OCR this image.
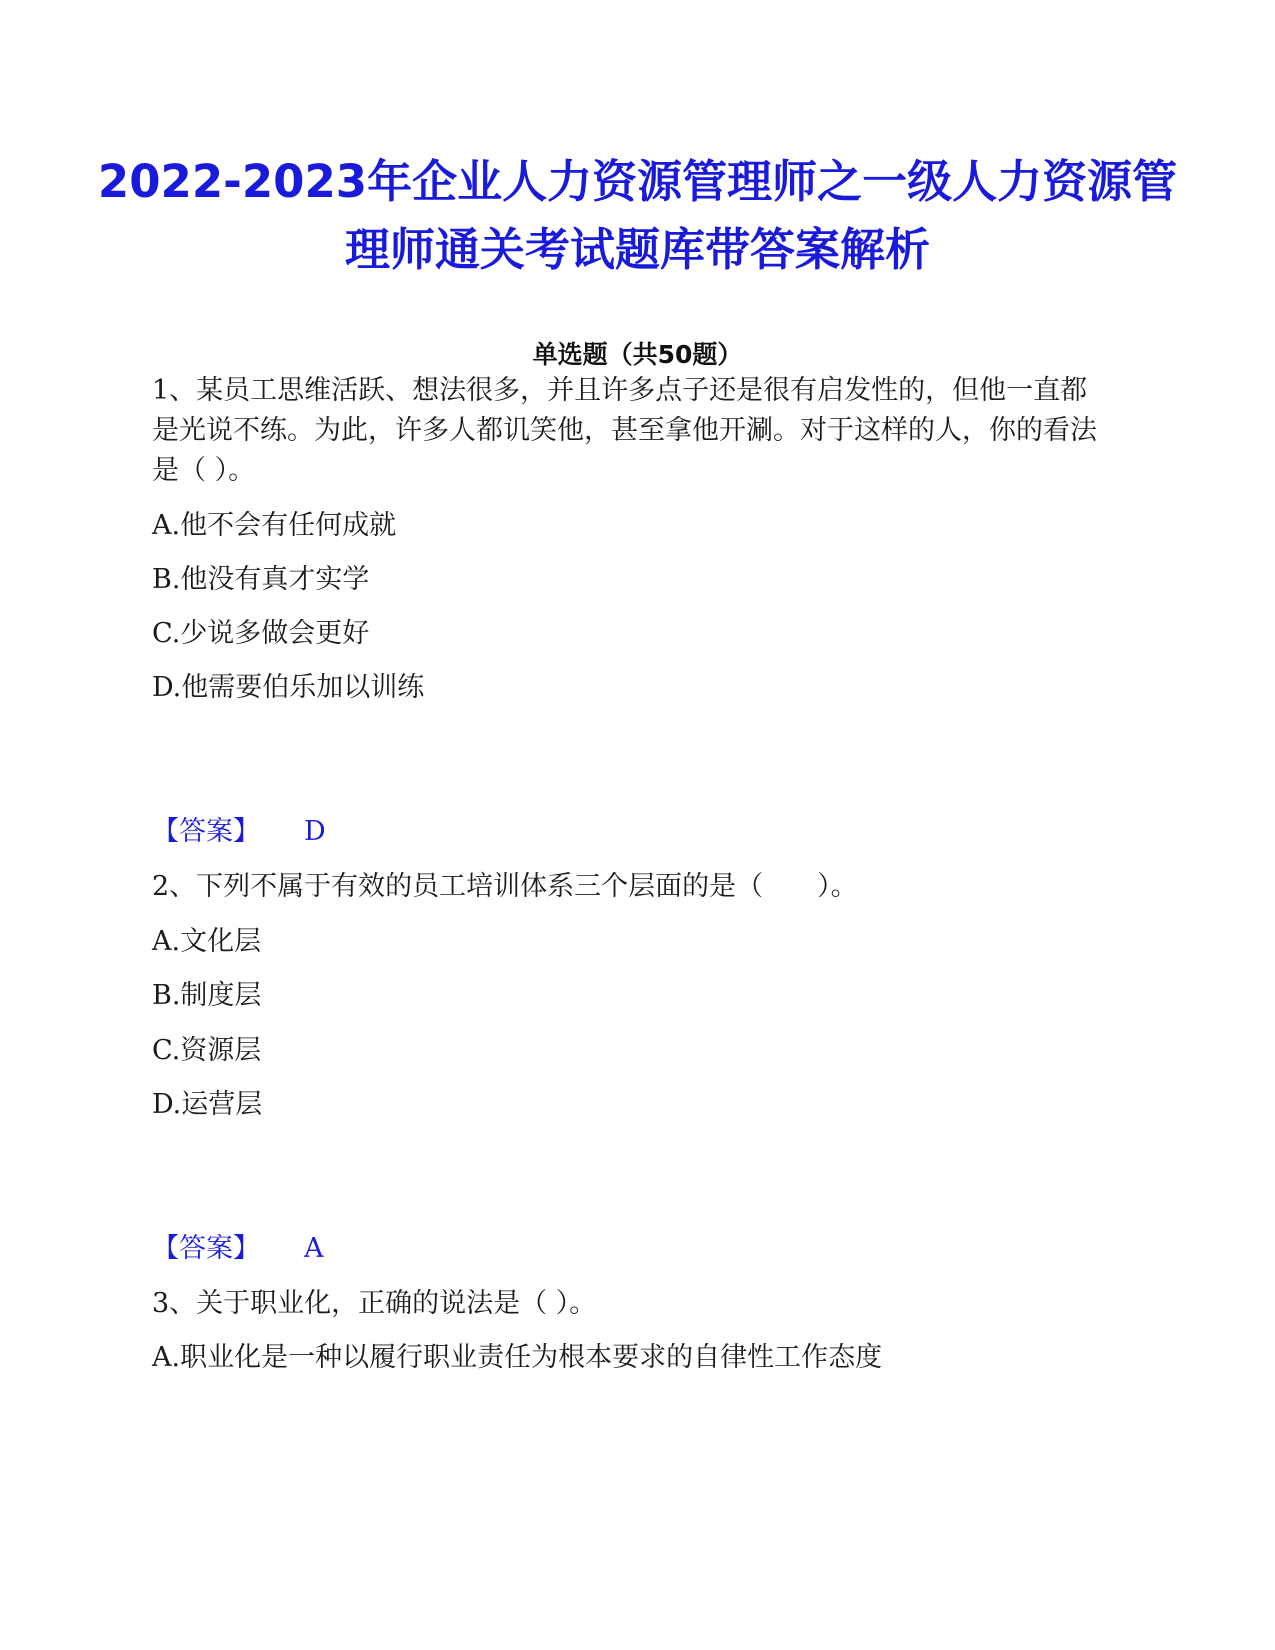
2022-2023年企业人力资源管理师之一级人力资源管理师通关考试题库带答案解析
单选题（共50题）

1、某员工思维活跃、想法很多，并且许多点子还是很有启发性的，但他一直都是光说不练。为此，许多人都讥笑他，甚至拿他开涮。对于这样的人，你的看法是（ ）。

A.他不会有任何成就

B.他没有真才实学

C.少说多做会更好

D.他需要伯乐加以训练

【答案】 D

2、下列不属于有效的员工培训体系三个层面的是（　　）。

A.文化层

B.制度层

C.资源层

D.运营层

【答案】 A

3、关于职业化，正确的说法是（ ）。

A.职业化是一种以履行职业责任为根本要求的自律性工作态度
